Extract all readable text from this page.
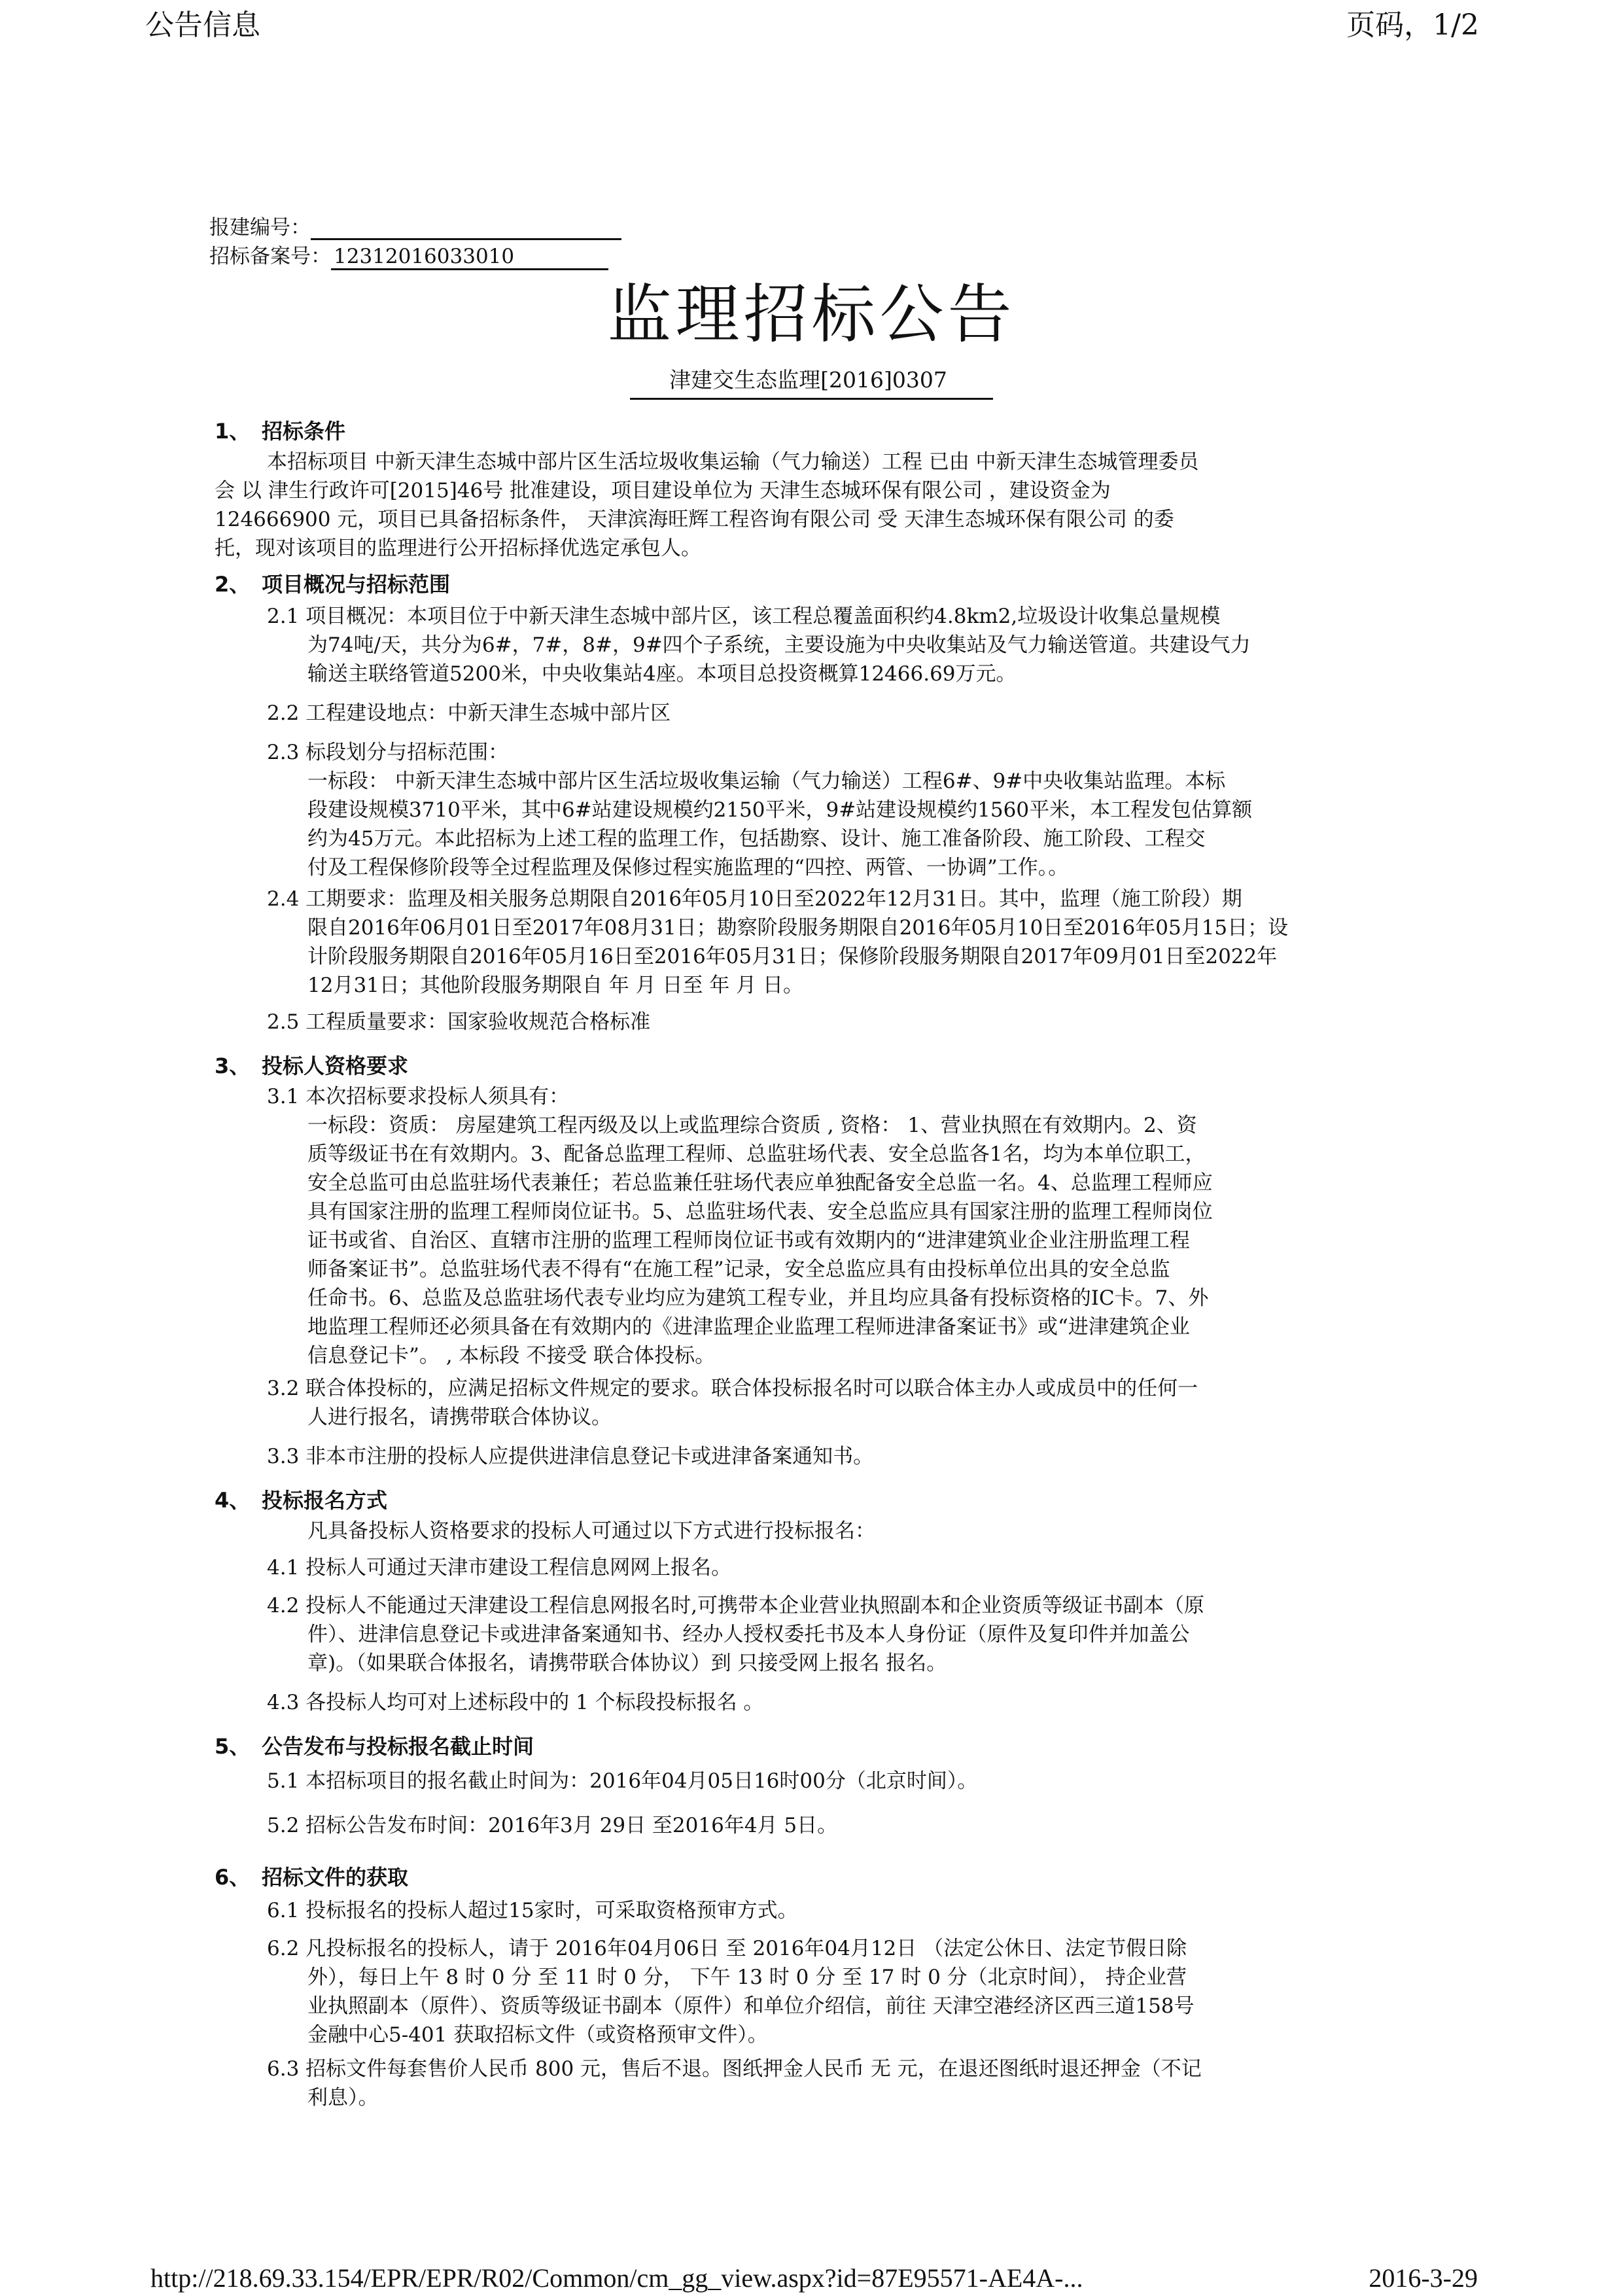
公告信息	页码，1/2
报建编号：
招标备案号： 12312016033010
监理招标公告
津建交生态监理[2016]0307
1、 招标条件
本招标项目 中新天津生态城中部片区生活垃圾收集运输（气力输送）工程 已由 中新天津生态城管理委员
会 以 津生行政许可[2015]46号 批准建设，项目建设单位为 天津生态城环保有限公司 ，建设资金为
124666900 元，项目已具备招标条件， 天津滨海旺辉工程咨询有限公司 受 天津生态城环保有限公司 的委
托，现对该项目的监理进行公开招标择优选定承包人。
2、 项目概况与招标范围
2.1 项目概况：本项目位于中新天津生态城中部片区，该工程总覆盖面积约4.8km2,垃圾设计收集总量规模
为74吨/天，共分为6#，7#，8#，9#四个子系统，主要设施为中央收集站及气力输送管道。共建设气力
输送主联络管道5200米，中央收集站4座。本项目总投资概算12466.69万元。
2.2 工程建设地点：中新天津生态城中部片区
2.3 标段划分与招标范围：
一标段： 中新天津生态城中部片区生活垃圾收集运输（气力输送）工程6#、9#中央收集站监理。本标
段建设规模3710平米，其中6#站建设规模约2150平米，9#站建设规模约1560平米，本工程发包估算额
约为45万元。本此招标为上述工程的监理工作，包括勘察、设计、施工准备阶段、施工阶段、工程交
付及工程保修阶段等全过程监理及保修过程实施监理的“四控、两管、一协调”工作。。
2.4 工期要求：监理及相关服务总期限自2016年05月10日至2022年12月31日。其中，监理（施工阶段）期
限自2016年06月01日至2017年08月31日；勘察阶段服务期限自2016年05月10日至2016年05月15日；设
计阶段服务期限自2016年05月16日至2016年05月31日；保修阶段服务期限自2017年09月01日至2022年
12月31日；其他阶段服务期限自 年 月 日至 年 月 日。
2.5 工程质量要求：国家验收规范合格标准
3、 投标人资格要求
3.1 本次招标要求投标人须具有：
一标段：资质： 房屋建筑工程丙级及以上或监理综合资质 , 资格： 1、营业执照在有效期内。2、资
质等级证书在有效期内。3、配备总监理工程师、总监驻场代表、安全总监各1名，均为本单位职工，
安全总监可由总监驻场代表兼任；若总监兼任驻场代表应单独配备安全总监一名。4、总监理工程师应
具有国家注册的监理工程师岗位证书。5、总监驻场代表、安全总监应具有国家注册的监理工程师岗位
证书或省、自治区、直辖市注册的监理工程师岗位证书或有效期内的“进津建筑业企业注册监理工程
师备案证书”。总监驻场代表不得有“在施工程”记录，安全总监应具有由投标单位出具的安全总监
任命书。6、总监及总监驻场代表专业均应为建筑工程专业，并且均应具备有投标资格的IC卡。7、外
地监理工程师还必须具备在有效期内的《进津监理企业监理工程师进津备案证书》或“进津建筑企业
信息登记卡”。 , 本标段 不接受 联合体投标。
3.2 联合体投标的，应满足招标文件规定的要求。联合体投标报名时可以联合体主办人或成员中的任何一
人进行报名，请携带联合体协议。
3.3 非本市注册的投标人应提供进津信息登记卡或进津备案通知书。
4、 投标报名方式
凡具备投标人资格要求的投标人可通过以下方式进行投标报名：
4.1 投标人可通过天津市建设工程信息网网上报名。
4.2 投标人不能通过天津建设工程信息网报名时,可携带本企业营业执照副本和企业资质等级证书副本（原
件）、进津信息登记卡或进津备案通知书、经办人授权委托书及本人身份证（原件及复印件并加盖公
章)。（如果联合体报名，请携带联合体协议）到 只接受网上报名 报名。
4.3 各投标人均可对上述标段中的 1 个标段投标报名 。
5、 公告发布与投标报名截止时间
5.1 本招标项目的报名截止时间为：2016年04月05日16时00分（北京时间）。
5.2 招标公告发布时间：2016年3月 29日 至2016年4月 5日。
6、 招标文件的获取
6.1 投标报名的投标人超过15家时，可采取资格预审方式。
6.2 凡投标报名的投标人，请于 2016年04月06日 至 2016年04月12日 （法定公休日、法定节假日除
外），每日上午 8 时 0 分 至 11 时 0 分， 下午 13 时 0 分 至 17 时 0 分（北京时间）， 持企业营
业执照副本（原件）、资质等级证书副本（原件）和单位介绍信，前往 天津空港经济区西三道158号
金融中心5-401 获取招标文件（或资格预审文件）。
6.3 招标文件每套售价人民币 800 元，售后不退。图纸押金人民币 无 元，在退还图纸时退还押金（不记
利息）。
http://218.69.33.154/EPR/EPR/R02/Common/cm_gg_view.aspx?id=87E95571-AE4A-...	2016-3-29
